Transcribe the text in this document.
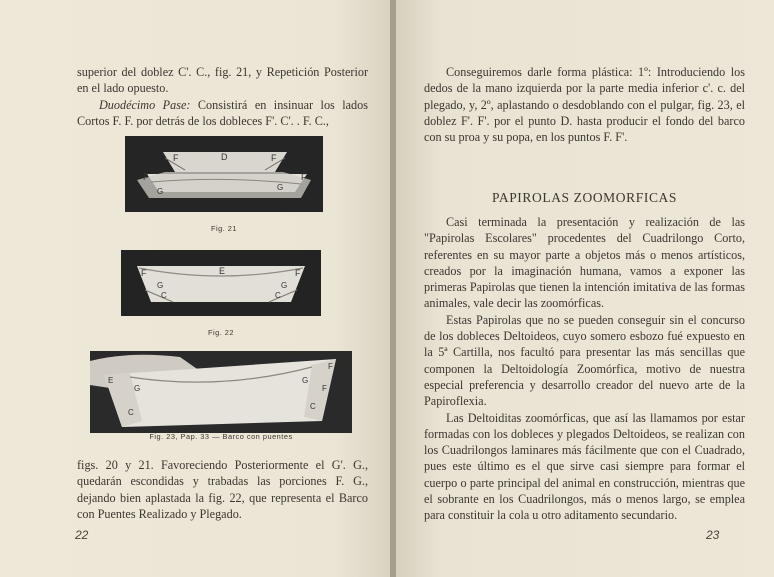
superior del doblez C'. C., fig. 21, y Repetición Posterior en el lado opuesto.

Duodécimo Pase: Consistirá en insinuar los lados Cortos F. F. por detrás de los dobleces F'. C'. . F. C.,

F	D	F
F
G	G
F
Fig. 21
F	E	F
G
C
G
C
Fig. 22
E
F
G
C
G
F
C
Fig. 23, Pap. 33 — Barco con puentes

figs. 20 y 21. Favoreciendo Posteriormente el G'. G., quedarán escondidas y trabadas las porciones F. G., dejando bien aplastada la fig. 22, que representa el Barco con Puentes Realizado y Plegado.

22

Conseguiremos darle forma plástica: 1º: Introduciendo los dedos de la mano izquierda por la parte media inferior c'. c. del plegado, y, 2º, aplastando o desdoblando con el pulgar, fig. 23, el doblez F'. F'. por el punto D. hasta producir el fondo del barco con su proa y su popa, en los puntos F. F'.

PAPIROLAS ZOOMORFICAS

Casi terminada la presentación y realización de las "Papirolas Escolares" procedentes del Cuadrilongo Corto, referentes en su mayor parte a objetos más o menos artísticos, creados por la imaginación humana, vamos a exponer las primeras Papirolas que tienen la intención imitativa de las formas animales, vale decir las zoomórficas.

Estas Papirolas que no se pueden conseguir sin el concurso de los dobleces Deltoideos, cuyo somero esbozo fué expuesto en la 5ª Cartilla, nos facultó para presentar las más sencillas que componen la Deltoidología Zoomórfica, motivo de nuestra especial preferencia y desarrollo creador del nuevo arte de la Papiroflexia.

Las Deltoiditas zoomórficas, que así las llamamos por estar formadas con los dobleces y plegados Deltoideos, se realizan con los Cuadrilongos laminares más fácilmente que con el Cuadrado, pues este último es el que sirve casi siempre para formar el cuerpo o parte principal del animal en construcción, mientras que el sobrante en los Cuadrilongos, más o menos largo, se emplea para constituir la cola u otro aditamento secundario.

23
